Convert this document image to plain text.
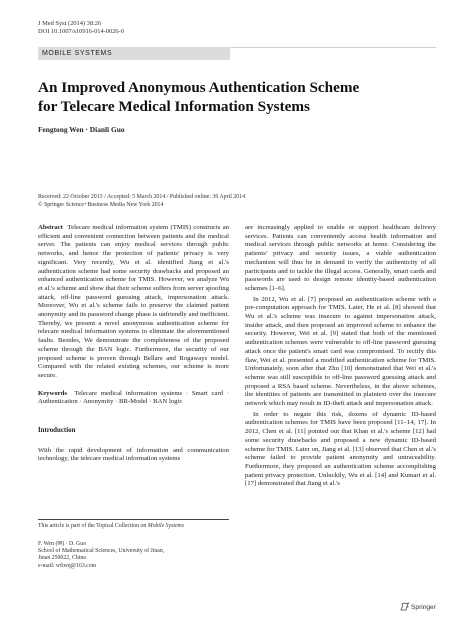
J Med Syst (2014) 38:26
DOI 10.1007/s10916-014-0026-0
MOBILE SYSTEMS
An Improved Anonymous Authentication Scheme
for Telecare Medical Information Systems
Fengtong Wen · Dianli Guo
Received: 22 October 2013 / Accepted: 5 March 2014 / Published online: 30 April 2014
© Springer Science+Business Media New York 2014

Abstract Telecare medical information system (TMIS) constructs an efficient and convenient connection between patients and the medical server. The patients can enjoy medical services through public networks, and hence the protection of patients' privacy is very significant. Very recently, Wu et al. identified Jiang et al.'s authentication scheme had some security drawbacks and proposed an enhanced authentication scheme for TMIS. However, we analyze Wu et al.'s scheme and show that their scheme suffers from server spoofing attack, off-line password guessing attack, impersonation attack. Moreover, Wu et al.'s scheme fails to preserve the claimed patient anonymity and its password change phase is unfriendly and inefficient. Thereby, we present a novel anonymous authentication scheme for telecare medical information systems to eliminate the aforementioned faults. Besides, We demonstrate the completeness of the proposed scheme through the BAN logic. Furthermore, the security of our proposed scheme is proven through Bellare and Rogaways model. Compared with the related existing schemes, our scheme is more secure.

Keywords Telecare medical information systems · Smart card · Authentication · Anonymity · BR-Model · BAN logic

Introduction

With the rapid development of information and communication technology, the telecare medical information systems

This article is part of the Topical Collection on Mobile Systems
F. Wen (✉) · D. Guo
School of Mathematical Sciences, University of Jinan,
Jinan 250022, China
e-mail: wftwq@163.com

are increasingly applied to enable or support healthcare delivery services. Patients can conveniently access health information and medical services through public networks at home. Considering the patients' privacy and security issues, a viable authentication mechanism will thus be in demand to verify the authenticity of all participants and to tackle the illegal access. Generally, smart cards and passwords are used to design remote identity-based authentication schemes [1–6].

In 2012, Wu et al. [7] proposed an authentication scheme with a pre-computation approach for TMIS. Later, He et al. [8] showed that Wu et al.'s scheme was insecure to against impersonation attack, insider attack, and then proposed an improved scheme to enhance the security. However, Wei et al. [9] stated that both of the mentioned authentication schemes were vulnerable to off-line password guessing attack once the patient's smart card was compromised. To rectify this flaw, Wei et al. presented a modified authentication scheme for TMIS. Unfortunately, soon after that Zhu [10] demonstrated that Wei et al.'s scheme was still susceptible to off-line password guessing attack and proposed a RSA based scheme. Nevertheless, in the above schemes, the identities of patients are transmitted in plaintext over the insecure network which may result in ID-theft attack and impersonation attack.

In order to negate this risk, dozens of dynamic ID-based authentication schemes for TMIS have been proposed [11–14, 17]. In 2012, Chen et al. [11] pointed out that Khan et al.'s scheme [12] had some security drawbacks and proposed a new dynamic ID-based scheme for TMIS. Later on, Jiang et al. [13] observed that Chen et al.'s scheme failed to provide patient anonymity and untraceability. Furthermore, they proposed an authentication scheme accomplishing patient privacy protection. Unluckily, Wu et al. [14] and Kumari et al. [17] demonstrated that Jiang et al.'s

Springer
